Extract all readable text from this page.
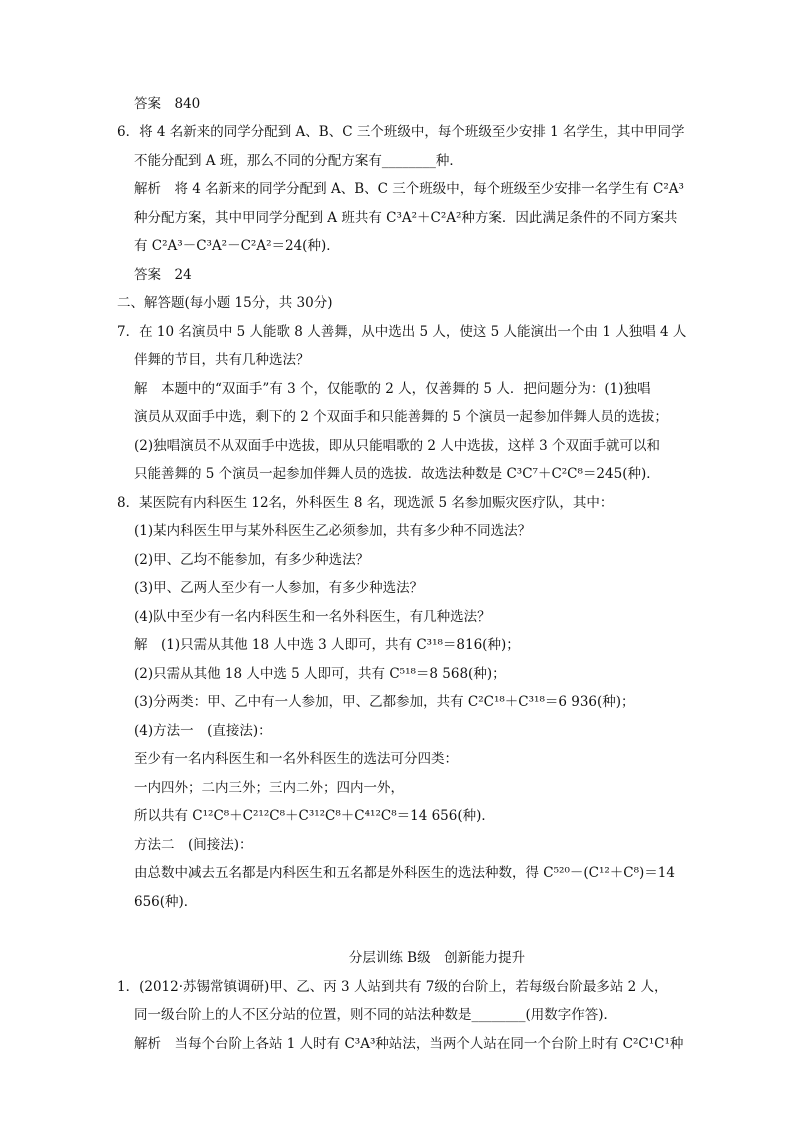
答案　840
6．将 4 名新来的同学分配到 A、B、C 三个班级中，每个班级至少安排 1 名学生，其中甲同学
不能分配到 A 班，那么不同的分配方案有________种．
解析　将 4 名新来的同学分配到 A、B、C 三个班级中，每个班级至少安排一名学生有 C²A³
种分配方案，其中甲同学分配到 A 班共有 C³A²＋C²A²种方案．因此满足条件的不同方案共
有 C²A³－C³A²－C²A²＝24(种)．
答案　24
二、解答题(每小题 15分，共 30分)
7．在 10 名演员中 5 人能歌 8 人善舞，从中选出 5 人，使这 5 人能演出一个由 1 人独唱 4 人
伴舞的节目，共有几种选法？
解　本题中的“双面手”有 3 个，仅能歌的 2 人，仅善舞的 5 人．把问题分为：(1)独唱
演员从双面手中选，剩下的 2 个双面手和只能善舞的 5 个演员一起参加伴舞人员的选拔；
(2)独唱演员不从双面手中选拔，即从只能唱歌的 2 人中选拔，这样 3 个双面手就可以和
只能善舞的 5 个演员一起参加伴舞人员的选拔．故选法种数是 C³C⁷＋C²C⁸＝245(种)．
8．某医院有内科医生 12名，外科医生 8 名，现选派 5 名参加赈灾医疗队，其中：
(1)某内科医生甲与某外科医生乙必须参加，共有多少种不同选法？
(2)甲、乙均不能参加，有多少种选法？
(3)甲、乙两人至少有一人参加，有多少种选法？
(4)队中至少有一名内科医生和一名外科医生，有几种选法？
解　(1)只需从其他 18 人中选 3 人即可，共有 C³¹⁸＝816(种)；
(2)只需从其他 18 人中选 5 人即可，共有 C⁵¹⁸＝8 568(种)；
(3)分两类：甲、乙中有一人参加，甲、乙都参加，共有 C²C¹⁸＋C³¹⁸＝6 936(种)；
(4)方法一　(直接法)：
至少有一名内科医生和一名外科医生的选法可分四类：
一内四外；二内三外；三内二外；四内一外，
所以共有 C¹²C⁸＋C²¹²C⁸＋C³¹²C⁸＋C⁴¹²C⁸＝14 656(种)．
方法二　(间接法)：
由总数中减去五名都是内科医生和五名都是外科医生的选法种数，得 C⁵²⁰－(C¹²＋C⁸)＝14
656(种)．
分层训练 B级　创新能力提升
1．(2012·苏锡常镇调研)甲、乙、丙 3 人站到共有 7级的台阶上，若每级台阶最多站 2 人，
同一级台阶上的人不区分站的位置，则不同的站法种数是________(用数字作答)．
解析　当每个台阶上各站 1 人时有 C³A³种站法，当两个人站在同一个台阶上时有 C²C¹C¹种
